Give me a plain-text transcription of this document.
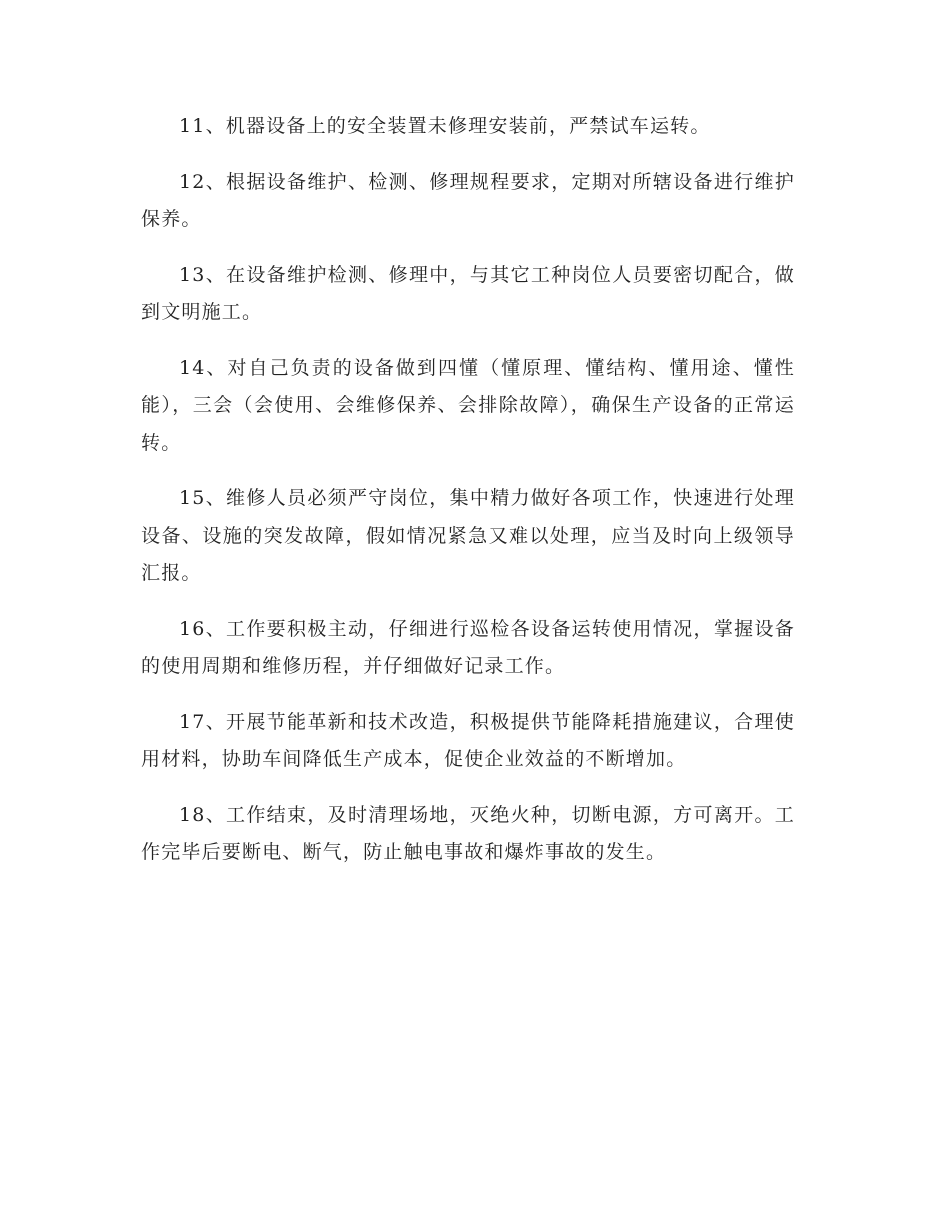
11、机器设备上的安全装置未修理安装前，严禁试车运转。

12、根据设备维护、检测、修理规程要求，定期对所辖设备进行维护保养。

13、在设备维护检测、修理中，与其它工种岗位人员要密切配合，做到文明施工。

14、对自己负责的设备做到四懂（懂原理、懂结构、懂用途、懂性能），三会（会使用、会维修保养、会排除故障），确保生产设备的正常运转。

15、维修人员必须严守岗位，集中精力做好各项工作，快速进行处理设备、设施的突发故障，假如情况紧急又难以处理，应当及时向上级领导汇报。

16、工作要积极主动，仔细进行巡检各设备运转使用情况，掌握设备的使用周期和维修历程，并仔细做好记录工作。

17、开展节能革新和技术改造，积极提供节能降耗措施建议，合理使用材料，协助车间降低生产成本，促使企业效益的不断增加。

18、工作结束，及时清理场地，灭绝火种，切断电源，方可离开。工作完毕后要断电、断气，防止触电事故和爆炸事故的发生。
